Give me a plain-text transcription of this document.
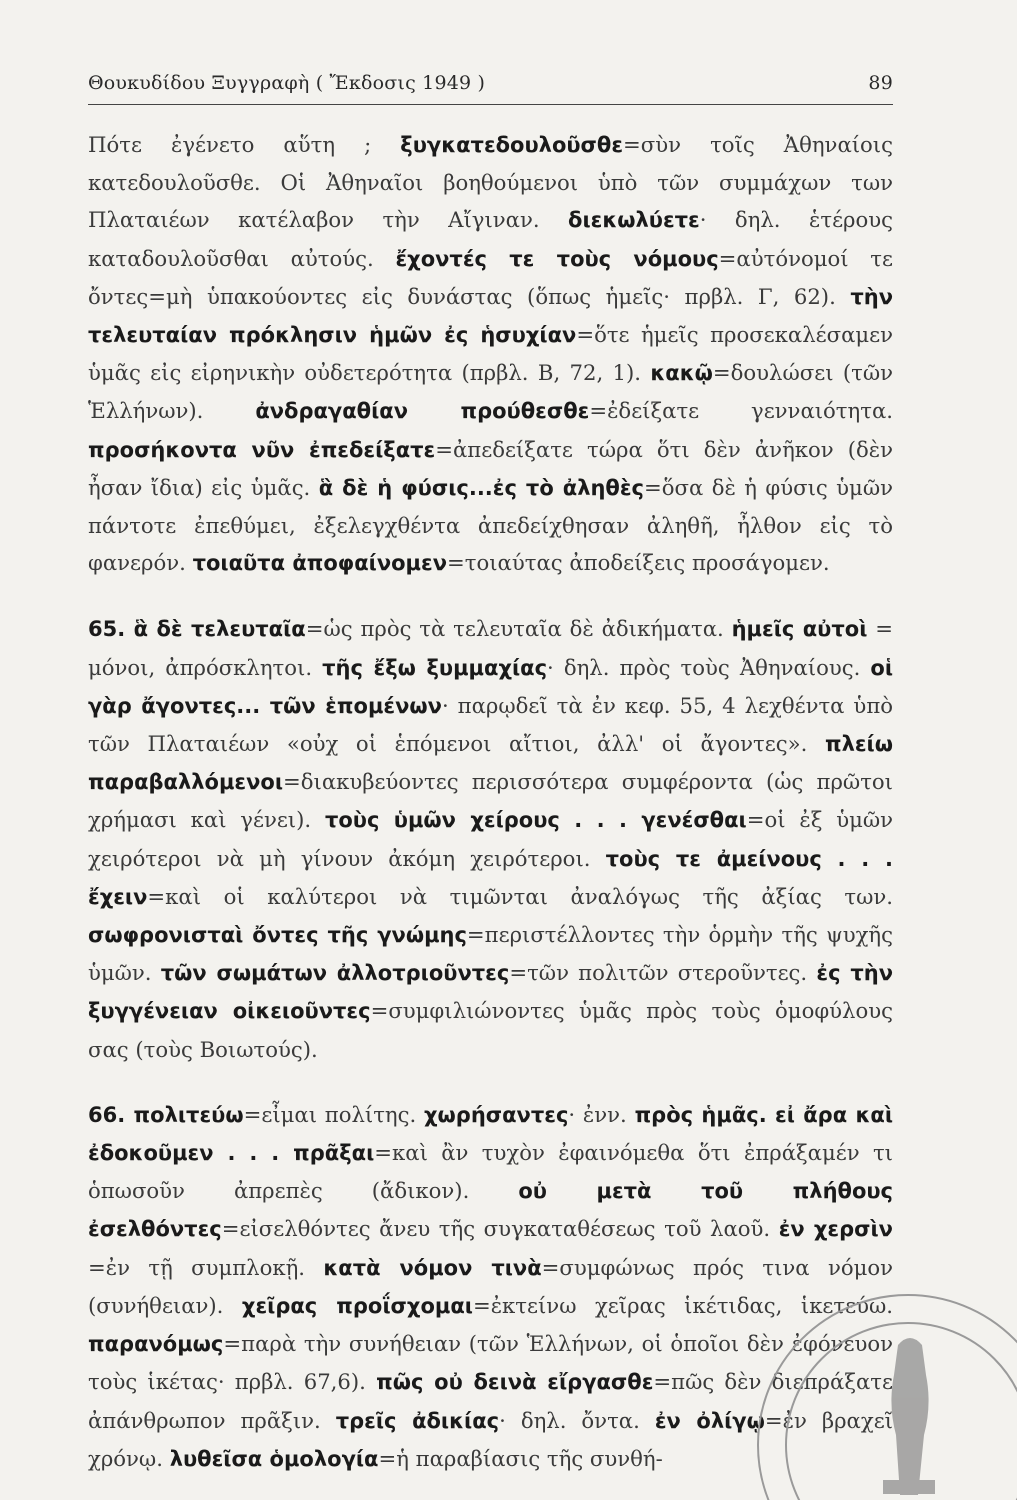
Θουκυδίδου Ξυγγραφὴ ( Ἔκδοσις 1949 )	89

Πότε ἐγένετο αὕτη ; ξυγκατεδουλοῦσθε=σὺν τοῖς Ἀθηναίοις κατεδουλοῦσθε. Οἱ Ἀθηναῖοι βοηθούμενοι ὑπὸ τῶν συμμάχων των Πλαταιέων κατέλαβον τὴν Αἴγιναν. διεκωλύετε· δηλ. ἑτέρους καταδουλοῦσθαι αὐτούς. ἔχοντές τε τοὺς νόμους=αὐτόνομοί τε ὄντες=μὴ ὑπακούοντες εἰς δυνάστας (ὅπως ἡμεῖς· πρβλ. Γ, 62). τὴν τελευταίαν πρόκλησιν ἡμῶν ἐς ἡσυχίαν=ὅτε ἡμεῖς προσεκαλέσαμεν ὑμᾶς εἰς εἰρηνικὴν οὐδετερότητα (πρβλ. Β, 72, 1). κακῷ=δουλώσει (τῶν Ἑλλήνων). ἀνδραγαθίαν προύθεσθε=ἐδείξατε γενναιότητα. προσήκοντα νῦν ἐπεδείξατε=ἀπεδείξατε τώρα ὅτι δὲν ἀνῆκον (δὲν ἦσαν ἴδια) εἰς ὑμᾶς. ἃ δὲ ἡ φύσις...ἐς τὸ ἀληθὲς=ὅσα δὲ ἡ φύσις ὑμῶν πάντοτε ἐπεθύμει, ἐξελεγχθέντα ἀπεδείχθησαν ἀληθῆ, ἦλθον εἰς τὸ φανερόν. τοιαῦτα ἀποφαίνομεν=τοιαύτας ἀποδείξεις προσάγομεν.

65. ἃ δὲ τελευταῖα=ὡς πρὸς τὰ τελευταῖα δὲ ἀδικήματα. ἡμεῖς αὐτοὶ = μόνοι, ἀπρόσκλητοι. τῆς ἔξω ξυμμαχίας· δηλ. πρὸς τοὺς Ἀθηναίους. οἱ γὰρ ἄγοντες... τῶν ἑπομένων· παρῳδεῖ τὰ ἐν κεφ. 55, 4 λεχθέντα ὑπὸ τῶν Πλαταιέων «οὐχ οἱ ἑπόμενοι αἴτιοι, ἀλλ' οἱ ἄγοντες». πλείω παραβαλλόμενοι=διακυβεύοντες περισσότερα συμφέροντα (ὡς πρῶτοι χρήμασι καὶ γένει). τοὺς ὑμῶν χείρους . . . γενέσθαι=οἱ ἐξ ὑμῶν χειρότεροι νὰ μὴ γίνουν ἀκόμη χειρότεροι. τοὺς τε ἀμείνους . . . ἔχειν=καὶ οἱ καλύτεροι νὰ τιμῶνται ἀναλόγως τῆς ἀξίας των. σωφρονισταὶ ὄντες τῆς γνώμης=περιστέλλοντες τὴν ὁρμὴν τῆς ψυχῆς ὑμῶν. τῶν σωμάτων ἀλλοτριοῦντες=τῶν πολιτῶν στεροῦντες. ἐς τὴν ξυγγένειαν οἰκειοῦντες=συμφιλιώνοντες ὑμᾶς πρὸς τοὺς ὁμοφύλους σας (τοὺς Βοιωτούς).

66. πολιτεύω=εἶμαι πολίτης. χωρήσαντες· ἐνν. πρὸς ἡμᾶς. εἰ ἄρα καὶ ἐδοκοῦμεν . . . πρᾶξαι=καὶ ἂν τυχὸν ἐφαινόμεθα ὅτι ἐπράξαμέν τι ὁπωσοῦν ἀπρεπὲς (ἄδικον). οὐ μετὰ τοῦ πλήθους ἐσελθόντες=εἰσελθόντες ἄνευ τῆς συγκαταθέσεως τοῦ λαοῦ. ἐν χερσὶν =ἐν τῇ συμπλοκῇ. κατὰ νόμον τινὰ=συμφώνως πρός τινα νόμον (συνήθειαν). χεῖρας προΐσχομαι=ἐκτείνω χεῖρας ἱκέτιδας, ἱκετεύω. παρανόμως=παρὰ τὴν συνήθειαν (τῶν Ἑλλήνων, οἱ ὁποῖοι δὲν ἐφόνευον τοὺς ἱκέτας· πρβλ. 67,6). πῶς οὐ δεινὰ εἴργασθε=πῶς δὲν διεπράξατε ἀπάνθρωπον πρᾶξιν. τρεῖς ἀδικίας· δηλ. ὄντα. ἐν ὀλίγῳ=ἐν βραχεῖ χρόνῳ. λυθεῖσα ὁμολογία=ἡ παραβίασις τῆς συνθή-
